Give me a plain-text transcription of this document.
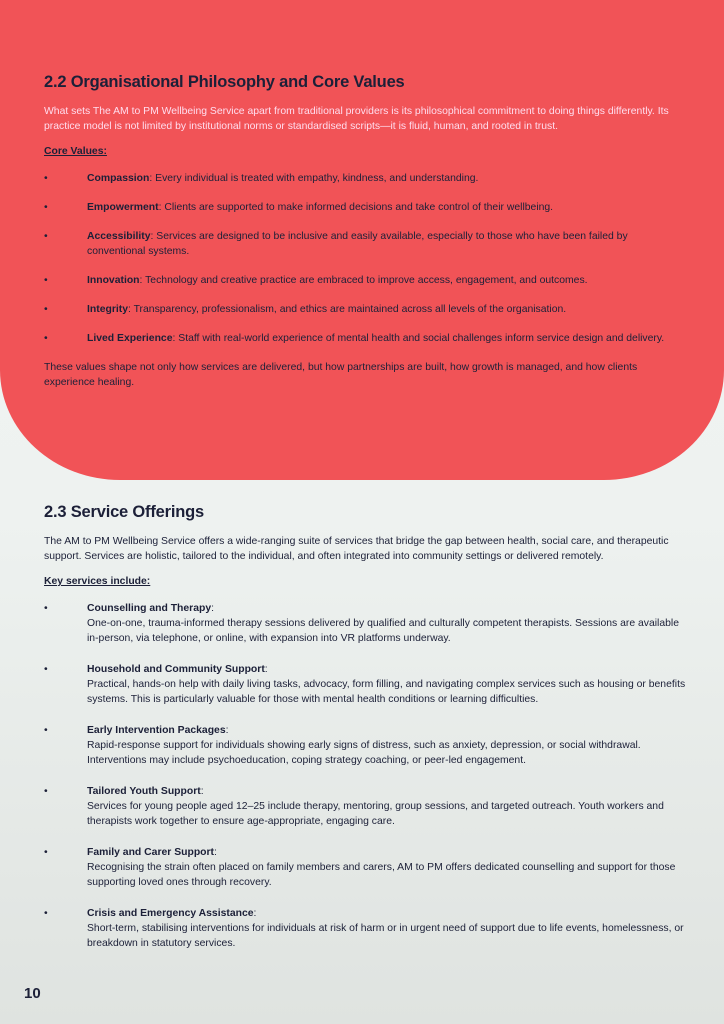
2.2 Organisational Philosophy and Core Values

What sets The AM to PM Wellbeing Service apart from traditional providers is its philosophical commitment to doing things differently. Its practice model is not limited by institutional norms or standardised scripts—it is fluid, human, and rooted in trust.

Core Values:
•	Compassion: Every individual is treated with empathy, kindness, and understanding.
•	Empowerment: Clients are supported to make informed decisions and take control of their wellbeing.
•	Accessibility: Services are designed to be inclusive and easily available, especially to those who have been failed by conventional systems.
•	Innovation: Technology and creative practice are embraced to improve access, engagement, and outcomes.
•	Integrity: Transparency, professionalism, and ethics are maintained across all levels of the organisation.
•	Lived Experience: Staff with real-world experience of mental health and social challenges inform service design and delivery.

These values shape not only how services are delivered, but how partnerships are built, how growth is managed, and how clients experience healing.

2.3 Service Offerings

The AM to PM Wellbeing Service offers a wide-ranging suite of services that bridge the gap between health, social care, and therapeutic support. Services are holistic, tailored to the individual, and often integrated into community settings or delivered remotely.

Key services include:
•	Counselling and Therapy:
One-on-one, trauma-informed therapy sessions delivered by qualified and culturally competent therapists. Sessions are available in-person, via telephone, or online, with expansion into VR platforms underway.
•	Household and Community Support:
Practical, hands-on help with daily living tasks, advocacy, form filling, and navigating complex services such as housing or benefits systems. This is particularly valuable for those with mental health conditions or learning difficulties.
•	Early Intervention Packages:
Rapid-response support for individuals showing early signs of distress, such as anxiety, depression, or social withdrawal. Interventions may include psychoeducation, coping strategy coaching, or peer-led engagement.
•	Tailored Youth Support:
Services for young people aged 12–25 include therapy, mentoring, group sessions, and targeted outreach. Youth workers and therapists work together to ensure age-appropriate, engaging care.
•	Family and Carer Support:
Recognising the strain often placed on family members and carers, AM to PM offers dedicated counselling and support for those supporting loved ones through recovery.
•	Crisis and Emergency Assistance:
Short-term, stabilising interventions for individuals at risk of harm or in urgent need of support due to life events, homelessness, or breakdown in statutory services.
10
